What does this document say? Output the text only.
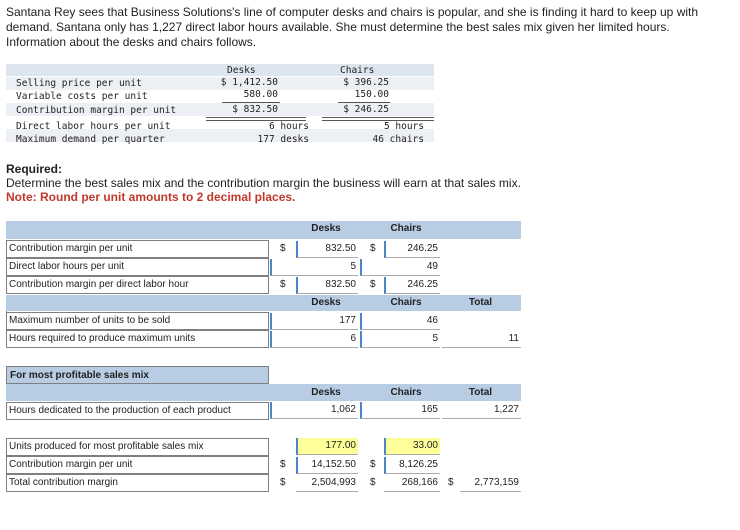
Santana Rey sees that Business Solutions's line of computer desks and chairs is popular, and she is finding it hard to keep up with demand. Santana only has 1,227 direct labor hours available. She must determine the best sales mix given her limited hours. Information about the desks and chairs follows.
Desks	Chairs
Selling price per unit	$ 1,412.50	$ 396.25
Variable costs per unit	580.00	150.00
Contribution margin per unit	$ 832.50	$ 246.25
Direct labor hours per unit	6 hours	5 hours
Maximum demand per quarter	177 desks	46 chairs
Required:
Determine the best sales mix and the contribution margin the business will earn at that sales mix.
Note: Round per unit amounts to 2 decimal places.
Desks	Chairs
Contribution margin per unit	$	832.50 $	246.25
Direct labor hours per unit	5	49
Contribution margin per direct labor hour	$	832.50 $	246.25
Desks	Chairs	Total
Maximum number of units to be sold	177	46
Hours required to produce maximum units	6	5	11
For most profitable sales mix
Desks	Chairs	Total
Hours dedicated to the production of each product	1,062	165	1,227
Units produced for most profitable sales mix	177.00	33.00
Contribution margin per unit	$	14,152.50 $	8,126.25
Total contribution margin	$	2,504,993 $	268,166 $	2,773,159
